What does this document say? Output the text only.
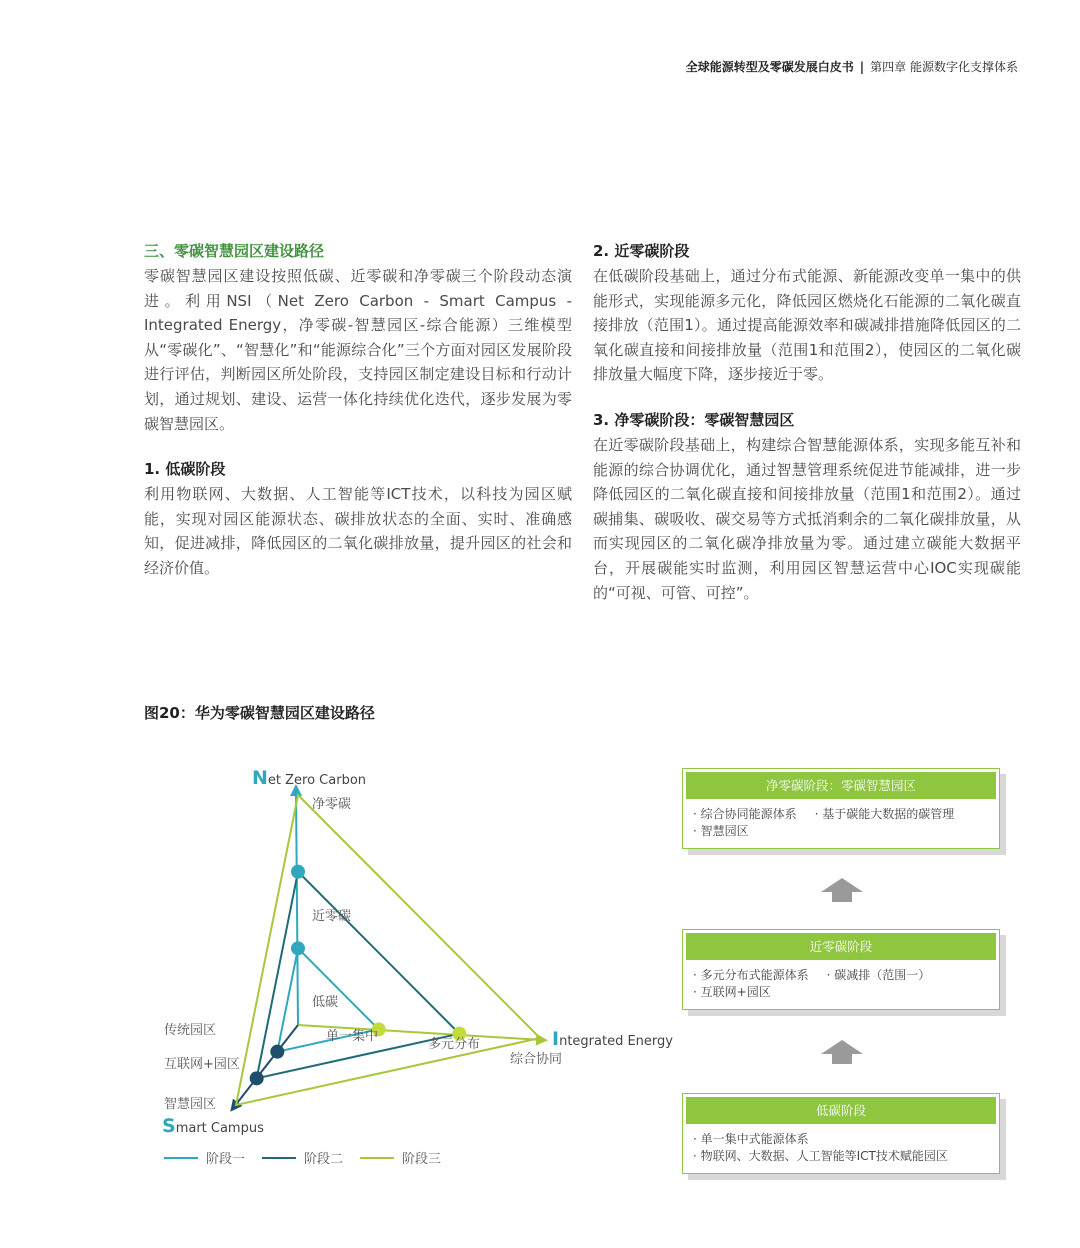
全球能源转型及零碳发展白皮书 | 第四章 能源数字化支撑体系
三、零碳智慧园区建设路径

零碳智慧园区建设按照低碳、近零碳和净零碳三个阶段动态演进。利用NSI（Net Zero Carbon - Smart Campus - Integrated Energy，净零碳-智慧园区-综合能源）三维模型从“零碳化”、“智慧化”和“能源综合化”三个方面对园区发展阶段进行评估，判断园区所处阶段，支持园区制定建设目标和行动计划，通过规划、建设、运营一体化持续优化迭代，逐步发展为零碳智慧园区。

1. 低碳阶段

利用物联网、大数据、人工智能等ICT技术，以科技为园区赋能，实现对园区能源状态、碳排放状态的全面、实时、准确感知，促进减排，降低园区的二氧化碳排放量，提升园区的社会和经济价值。

2. 近零碳阶段

在低碳阶段基础上，通过分布式能源、新能源改变单一集中的供能形式，实现能源多元化，降低园区燃烧化石能源的二氧化碳直接排放（范围1）。通过提高能源效率和碳减排措施降低园区的二氧化碳直接和间接排放量（范围1和范围2），使园区的二氧化碳排放量大幅度下降，逐步接近于零。

3. 净零碳阶段：零碳智慧园区

在近零碳阶段基础上，构建综合智慧能源体系，实现多能互补和能源的综合协调优化，通过智慧管理系统促进节能减排，进一步降低园区的二氧化碳直接和间接排放量（范围1和范围2）。通过碳捕集、碳吸收、碳交易等方式抵消剩余的二氧化碳排放量，从而实现园区的二氧化碳净排放量为零。通过建立碳能大数据平台，开展碳能实时监测，利用园区智慧运营中心IOC实现碳能的“可视、可管、可控”。

图20：华为零碳智慧园区建设路径
Net Zero Carbon
Integrated Energy
Smart Campus
低碳
近零碳
净零碳
单一集中
多元分布
综合协同
传统园区
互联网+园区
智慧园区
阶段一	阶段二	阶段三
净零碳阶段：零碳智慧园区
· 综合协同能源体系	· 基于碳能大数据的碳管理
· 智慧园区
近零碳阶段
· 多元分布式能源体系	· 碳减排（范围一）
· 互联网+园区
低碳阶段
· 单一集中式能源体系
· 物联网、大数据、人工智能等ICT技术赋能园区
